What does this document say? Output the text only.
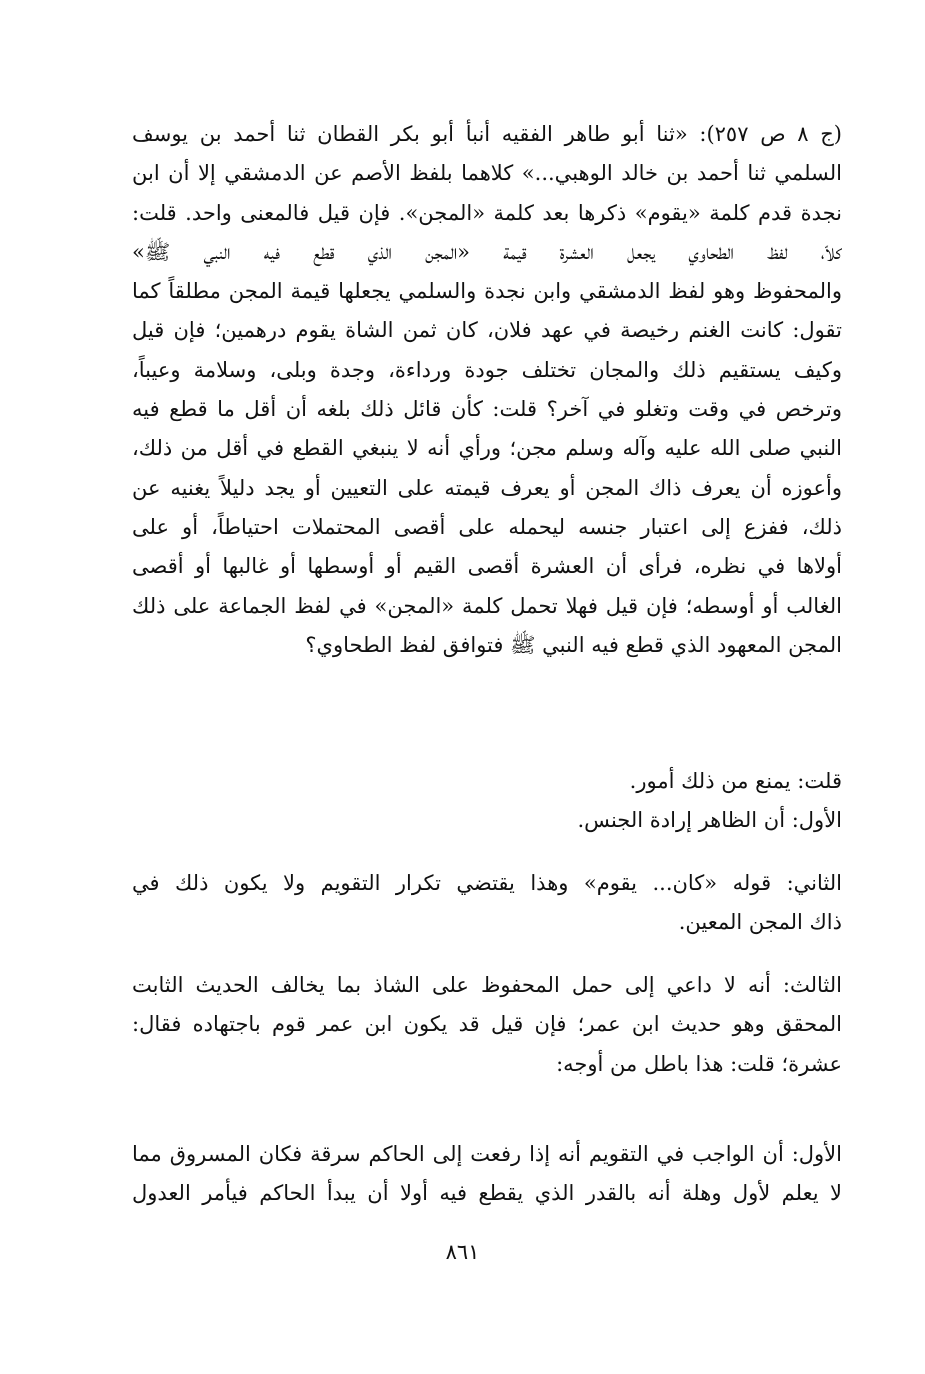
(ج ٨ ص ٢٥٧): «ثنا أبو طاهر الفقيه أنبأ أبو بكر القطان ثنا أحمد بن يوسف

السلمي ثنا أحمد بن خالد الوهبي...» كلاهما بلفظ الأصم عن الدمشقي إلا أن ابن

نجدة قدم كلمة «يقوم» ذكرها بعد كلمة «المجن». فإن قيل فالمعنى واحد. قلت:

كلاّ، لفظ الطحاوي يجعل العشرة قيمة «المجن الذي قطع فيه النبي ﷺ»

والمحفوظ وهو لفظ الدمشقي وابن نجدة والسلمي يجعلها قيمة المجن مطلقاً كما

تقول: كانت الغنم رخيصة في عهد فلان، كان ثمن الشاة يقوم درهمين؛ فإن قيل

وكيف يستقيم ذلك والمجان تختلف جودة ورداءة، وجدة وبلى، وسلامة وعيباً،

وترخص في وقت وتغلو في آخر؟ قلت: كأن قائل ذلك بلغه أن أقل ما قطع فيه

النبي صلى الله عليه وآله وسلم مجن؛ ورأي أنه لا ينبغي القطع في أقل من ذلك،

وأعوزه أن يعرف ذاك المجن أو يعرف قيمته على التعيين أو يجد دليلاً يغنيه عن

ذلك، ففزع إلى اعتبار جنسه ليحمله على أقصى المحتملات احتياطاً، أو على

أولاها في نظره، فرأى أن العشرة أقصى القيم أو أوسطها أو غالبها أو أقصى

الغالب أو أوسطه؛ فإن قيل فهلا تحمل كلمة «المجن» في لفظ الجماعة على ذلك

المجن المعهود الذي قطع فيه النبي ﷺ فتوافق لفظ الطحاوي؟

قلت: يمنع من ذلك أمور.

الأول: أن الظاهر إرادة الجنس.

الثاني: قوله «كان... يقوم» وهذا يقتضي تكرار التقويم ولا يكون ذلك في

ذاك المجن المعين.

الثالث: أنه لا داعي إلى حمل المحفوظ على الشاذ بما يخالف الحديث الثابت

المحقق وهو حديث ابن عمر؛ فإن قيل قد يكون ابن عمر قوم باجتهاده فقال:

عشرة؛ قلت: هذا باطل من أوجه:

الأول: أن الواجب في التقويم أنه إذا رفعت إلى الحاكم سرقة فكان المسروق مما

لا يعلم لأول وهلة أنه بالقدر الذي يقطع فيه أولا أن يبدأ الحاكم فيأمر العدول

٨٦١
